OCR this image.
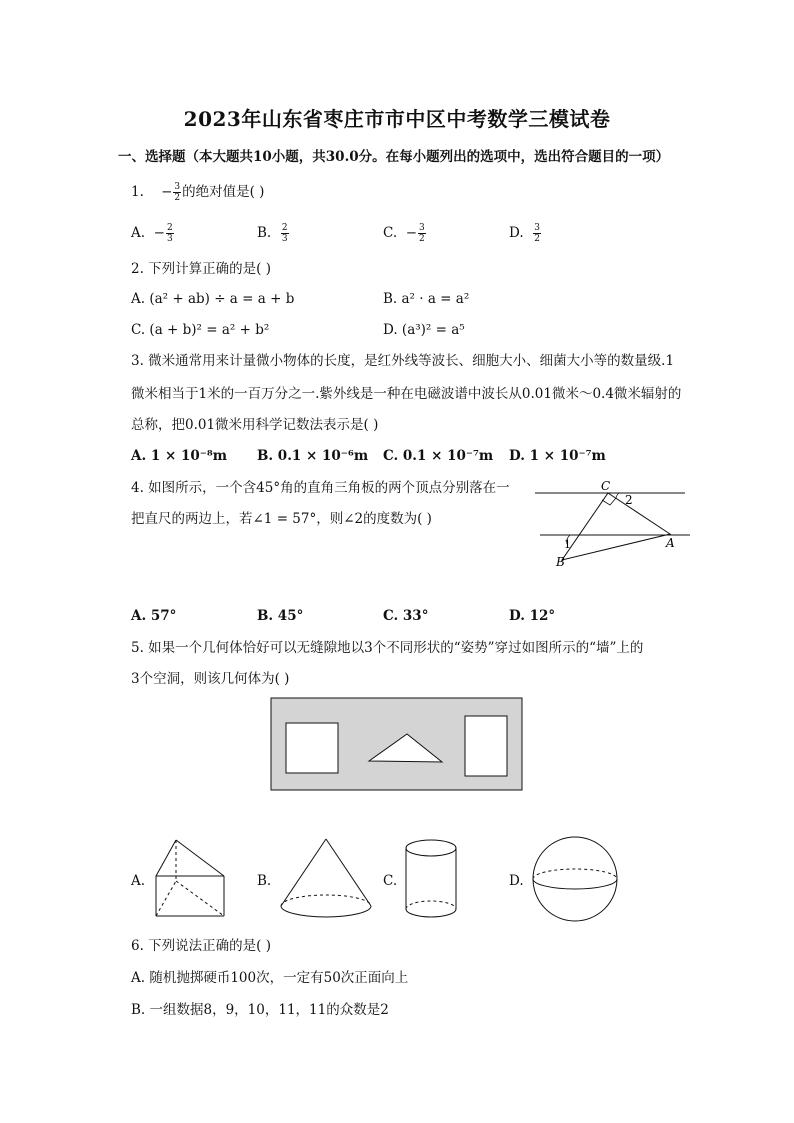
2023年山东省枣庄市市中区中考数学三模试卷
一、选择题（本大题共10小题，共30.0分。在每小题列出的选项中，选出符合题目的一项）
1. − $\frac{3}{2}$ 的绝对值是( )
A. − $\frac{2}{3}$	B. $\frac{2}{3}$	C. − $\frac{3}{2}$	D. $\frac{3}{2}$
2. 下列计算正确的是( )
A. (a² + ab) ÷ a = a + b	B. a² · a = a²
C. (a + b)² = a² + b²	D. (a³)² = a⁵
3. 微米通常用来计量微小物体的长度，是红外线等波长、细胞大小、细菌大小等的数量级.1
微米相当于1米的一百万分之一.紫外线是一种在电磁波谱中波长从0.01微米～0.4微米辐射的
总称，把0.01微米用科学记数法表示是( )
A. 1 × 10⁻⁸m B. 0.1 × 10⁻⁶m C. 0.1 × 10⁻⁷m D. 1 × 10⁻⁷m
4. 如图所示，一个含45°角的直角三角板的两个顶点分别落在一
把直尺的两边上，若∠1 = 57°，则∠2的度数为( )
C
2
1	A
B
A. 57°	B. 45°	C. 33°	D. 12°
5. 如果一个几何体恰好可以无缝隙地以3个不同形状的“姿势”穿过如图所示的“墙”上的
3个空洞，则该几何体为( )
A.	B.	C.	D.
6. 下列说法正确的是( )
A. 随机抛掷硬币100次，一定有50次正面向上
B. 一组数据8，9，10，11，11的众数是2
